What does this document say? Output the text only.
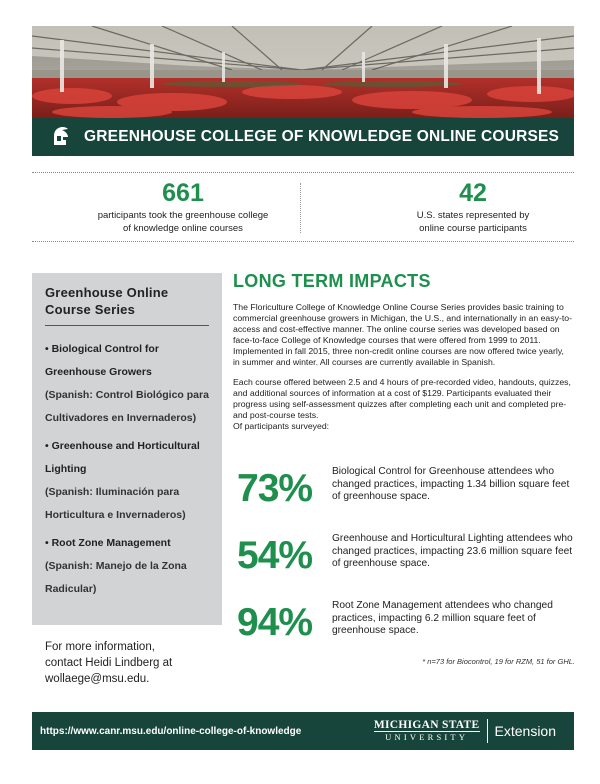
GREENHOUSE COLLEGE OF KNOWLEDGE ONLINE COURSES
661
participants took the greenhouse college
of knowledge online courses
42
U.S. states represented by
online course participants
Greenhouse Online
Course Series
• Biological Control for Greenhouse Growers
(Spanish: Control Biológico para Cultivadores en Invernaderos)
• Greenhouse and Horticultural Lighting
(Spanish: Iluminación para Horticultura e Invernaderos)
• Root Zone Management
(Spanish: Manejo de la Zona Radicular)
For more information,
contact Heidi Lindberg at
wollaege@msu.edu.
LONG TERM IMPACTS

The Floriculture College of Knowledge Online Course Series provides basic training to commercial greenhouse growers in Michigan, the U.S., and internationally in an easy-to-access and cost-effective manner. The online course series was developed based on face-to-face College of Knowledge courses that were offered from 1999 to 2011. Implemented in fall 2015, three non-credit online courses are now offered twice yearly, in summer and winter. All courses are currently available in Spanish.

Each course offered between 2.5 and 4 hours of pre-recorded video, handouts, quizzes, and additional sources of information at a cost of $129. Participants evaluated their progress using self-assessment quizzes after completing each unit and completed pre- and post-course tests.
Of participants surveyed:

73% Biological Control for Greenhouse attendees who changed practices, impacting 1.34 billion square feet of greenhouse space.
54% Greenhouse and Horticultural Lighting attendees who changed practices, impacting 23.6 million square feet of greenhouse space.
94% Root Zone Management attendees who changed practices, impacting 6.2 million square feet of greenhouse space.
* n=73 for Biocontrol, 19 for RZM, 51 for GHL.
https://www.canr.msu.edu/online-college-of-knowledge	MICHIGAN STATE
UNIVERSITY	Extension
